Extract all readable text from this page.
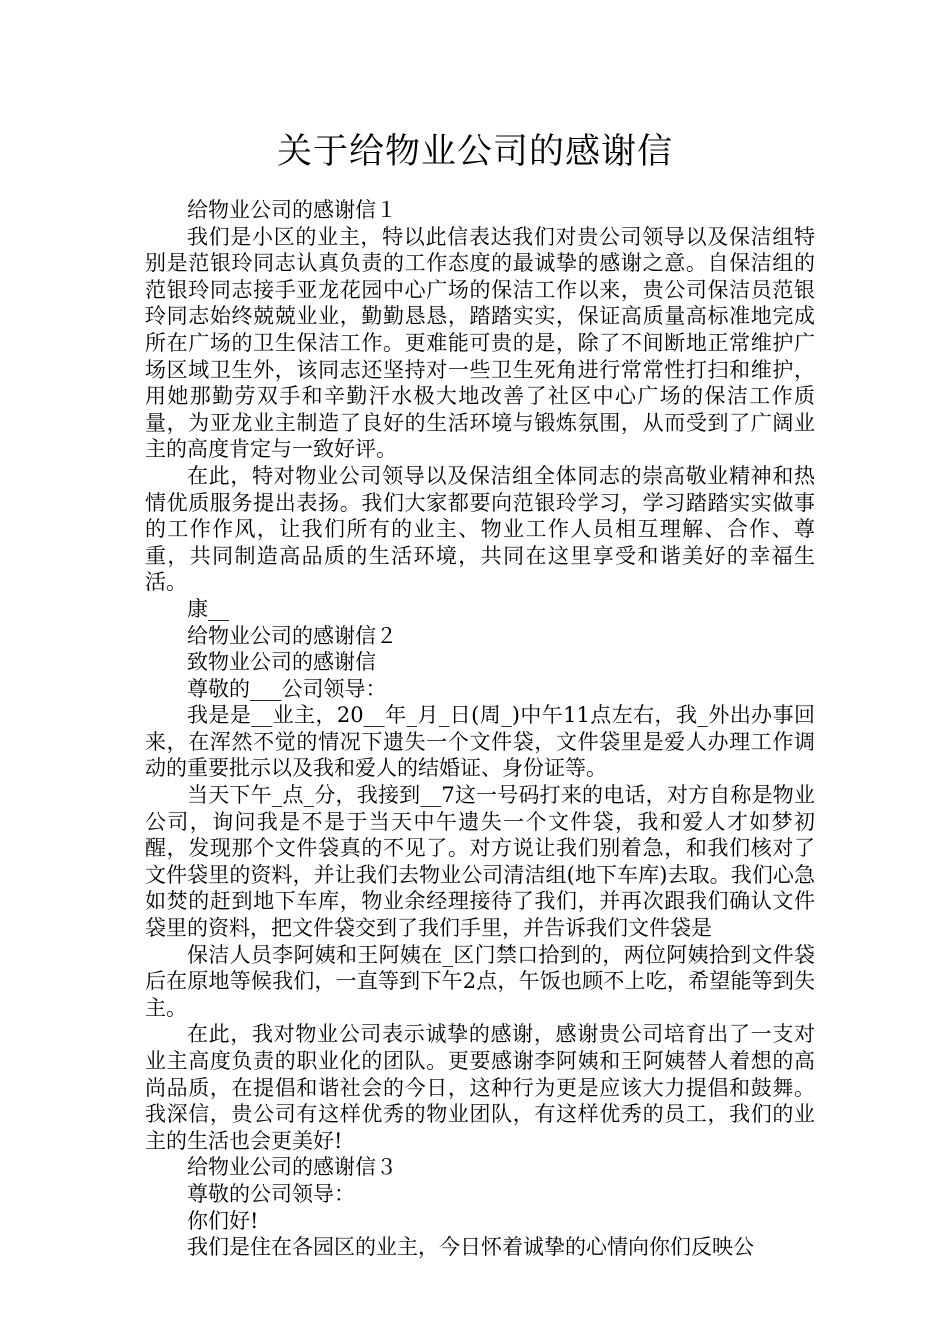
关于给物业公司的感谢信

给物业公司的感谢信１

我们是小区的业主，特以此信表达我们对贵公司领导以及保洁组特别是范银玲同志认真负责的工作态度的最诚挚的感谢之意。自保洁组的范银玲同志接手亚龙花园中心广场的保洁工作以来，贵公司保洁员范银玲同志始终兢兢业业，勤勤恳恳，踏踏实实，保证高质量高标准地完成所在广场的卫生保洁工作。更难能可贵的是，除了不间断地正常维护广场区域卫生外，该同志还坚持对一些卫生死角进行常常性打扫和维护，用她那勤劳双手和辛勤汗水极大地改善了社区中心广场的保洁工作质量，为亚龙业主制造了良好的生活环境与锻炼氛围，从而受到了广阔业主的高度肯定与一致好评。

在此，特对物业公司领导以及保洁组全体同志的崇高敬业精神和热情优质服务提出表扬。我们大家都要向范银玲学习，学习踏踏实实做事的工作作风，让我们所有的业主、物业工作人员相互理解、合作、尊重，共同制造高品质的生活环境，共同在这里享受和谐美好的幸福生活。

康__

给物业公司的感谢信２

致物业公司的感谢信

尊敬的___公司领导：

我是是__业主，20__年_月_日(周_)中午11点左右，我_外出办事回来，在浑然不觉的情况下遗失一个文件袋，文件袋里是爱人办理工作调动的重要批示以及我和爱人的结婚证、身份证等。

当天下午_点_分，我接到__7这一号码打来的电话，对方自称是物业公司，询问我是不是于当天中午遗失一个文件袋，我和爱人才如梦初醒，发现那个文件袋真的不见了。对方说让我们别着急，和我们核对了文件袋里的资料，并让我们去物业公司清洁组(地下车库)去取。我们心急如焚的赶到地下车库，物业余经理接待了我们，并再次跟我们确认文件袋里的资料，把文件袋交到了我们手里，并告诉我们文件袋是

保洁人员李阿姨和王阿姨在_区门禁口拾到的，两位阿姨拾到文件袋后在原地等候我们，一直等到下午2点，午饭也顾不上吃，希望能等到失主。

在此，我对物业公司表示诚挚的感谢，感谢贵公司培育出了一支对业主高度负责的职业化的团队。更要感谢李阿姨和王阿姨替人着想的高尚品质，在提倡和谐社会的今日，这种行为更是应该大力提倡和鼓舞。我深信，贵公司有这样优秀的物业团队，有这样优秀的员工，我们的业主的生活也会更美好!

给物业公司的感谢信３

尊敬的公司领导：

你们好!

我们是住在各园区的业主，今日怀着诚挚的心情向你们反映公
